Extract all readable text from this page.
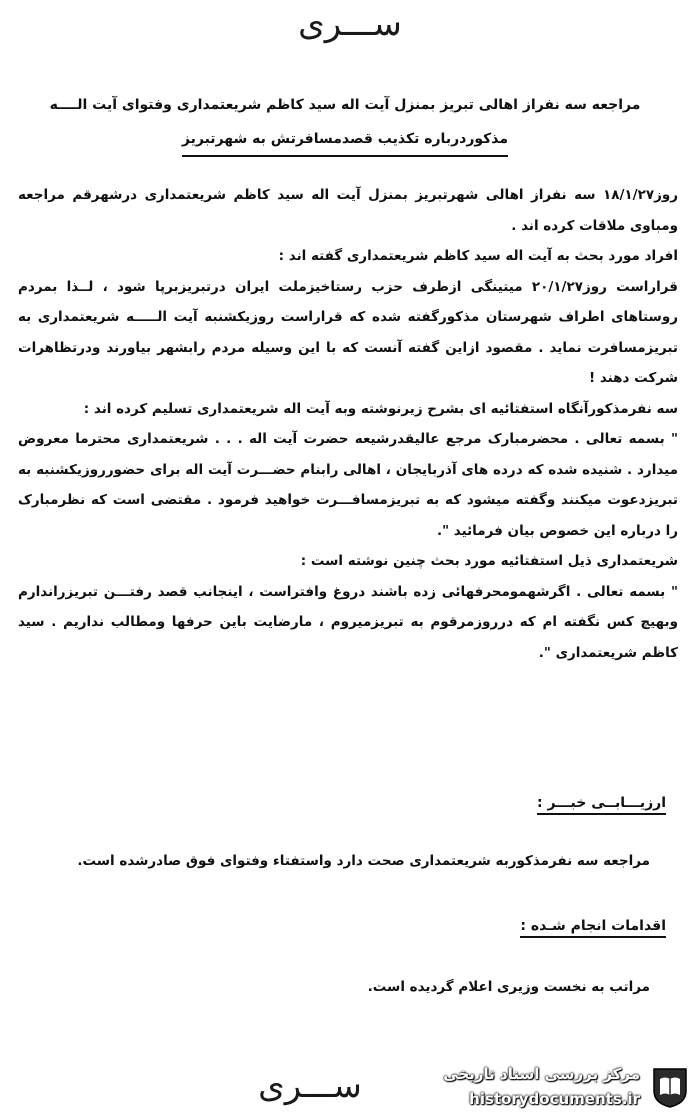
ســـری
مراجعه سه نفراز اهالی تبریز بمنزل آیت اله سید کاظم شریعتمداری وفتوای آیت الــــه
مذکوردرباره تکذیب قصدمسافرتش به شهرتبریز

روز۱۸/۱/۲۷ سه نفراز اهالی شهرتبریز بمنزل آیت اله سید کاظم شریعتمداری درشهرقم مراجعه ومباوی ملاقات کرده اند .

افراد مورد بحث به آیت اله سید کاظم شریعتمداری گفته اند :

قراراست روز۲۰/۱/۲۷ میتینگی ازطرف حزب رستاخیزملت ایران درتبریزبرپا شود ، لــذا بمردم روستاهای اطراف شهرستان مذکورگفته شده که قراراست روزیکشنبه آیت الـــــه شریعتمداری به تبریزمسافرت نماید . مقصود ازاین گفته آنست که با این وسیله مردم رابشهر بیاورند ودرتظاهرات شرکت دهند !

سه نفرمذکورآنگاه استفتائیه ای بشرح زیرنوشته وبه آیت اله شریعتمداری تسلیم کرده اند :

" بسمه تعالی . محضرمبارک مرجع عالیقدرشیعه حضرت آیت اله . . . شریعتمداری محترما معروض میدارد . شنیده شده که درده های آذربایجان ، اهالی رابنام حضـــرت آیت اله برای حضورروزیکشنبه به تبریزدعوت میکنند وگفته میشود که به تبریزمسافـــرت خواهید فرمود . مقتضی است که نظرمبارک را درباره این خصوص بیان فرمائید ".

شریعتمداری ذیل استفتائیه مورد بحث چنین نوشته است :

" بسمه تعالی . اگرشهمومحرفهائی زده باشند دروغ وافتراست ، اینجانب قصد رفتـــن تبریزراندارم وبهیچ کس نگفته ام که درروزمرقوم به تبریزمیروم ، مارضایت باین حرفها ومطالب نداریم . سید کاظم شریعتمداری ".

ارزیـــابــی خبـــر :
مراجعه سه نفرمذکوربه شریعتمداری صحت دارد واستفتاء وفتوای فوق صادرشده است.
اقدامات انجام شـده :
مراتب به نخست وزیری اعلام گردیده است.
ســـری	مرکز بررسی اسناد تاریخی
historydocuments.ir
